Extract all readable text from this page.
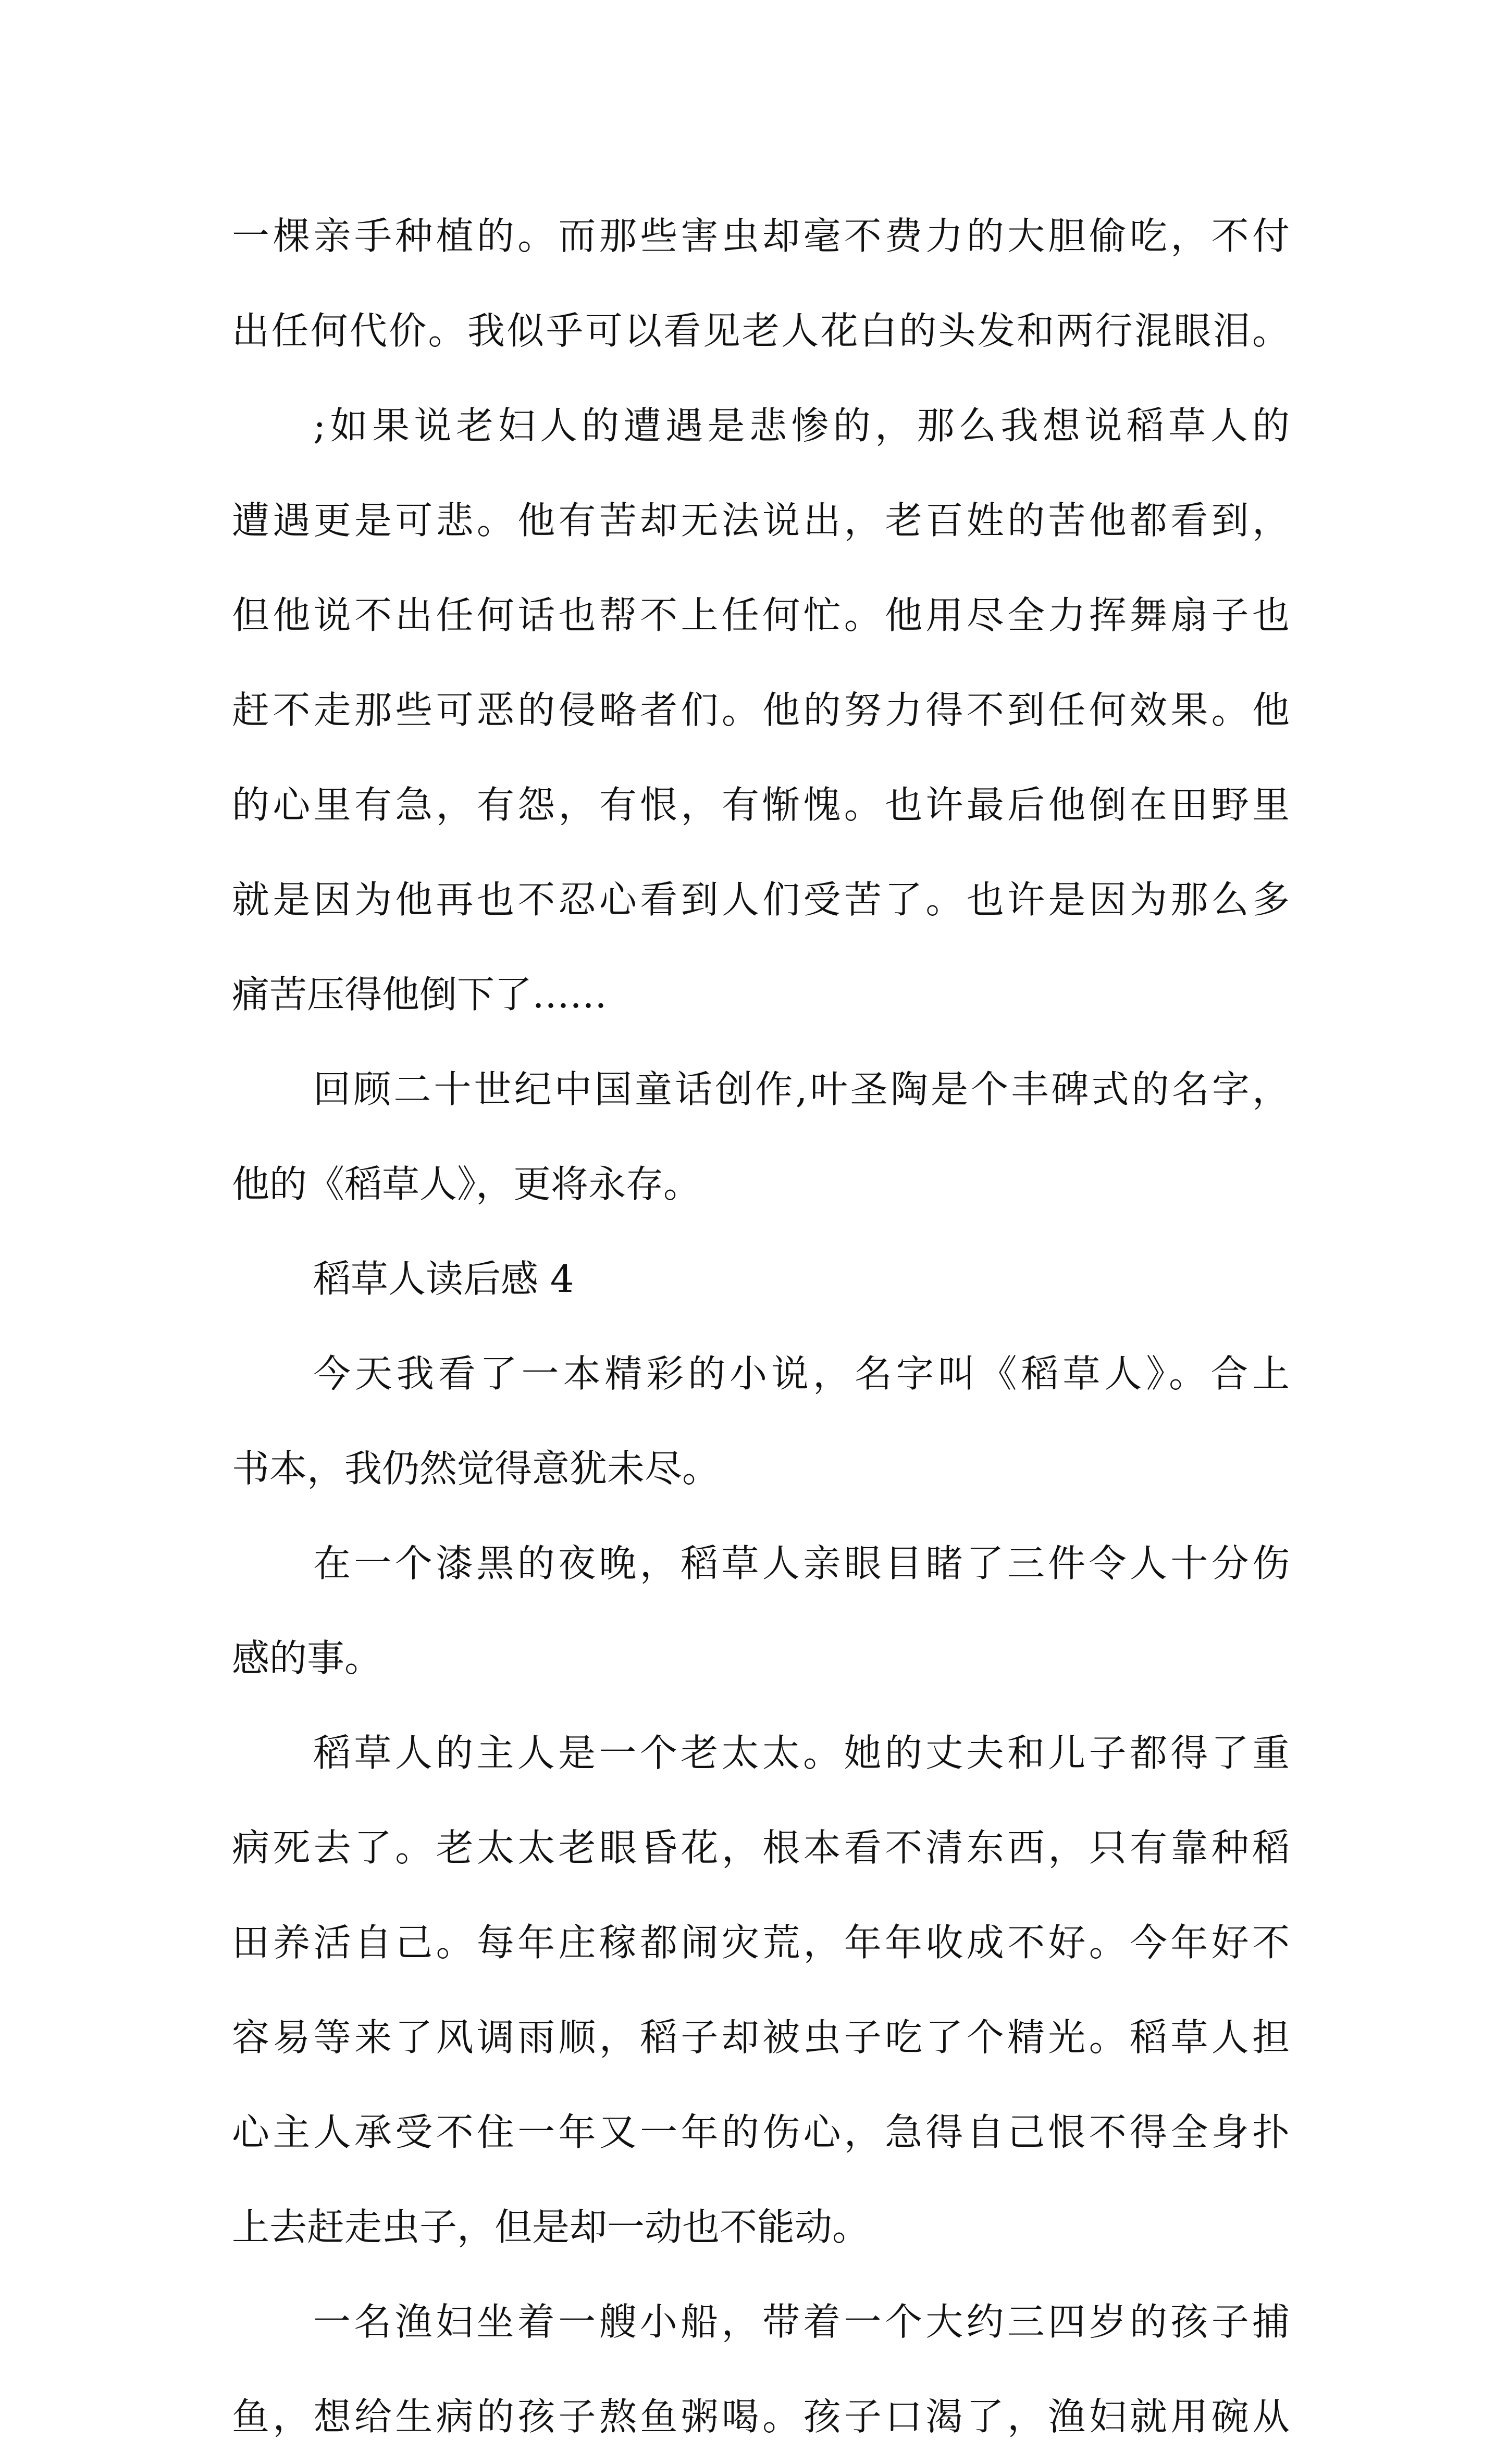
一棵亲手种植的。而那些害虫却毫不费力的大胆偷吃，不付
出任何代价。我似乎可以看见老人花白的头发和两行混眼泪。
;如果说老妇人的遭遇是悲惨的，那么我想说稻草人的
遭遇更是可悲。他有苦却无法说出，老百姓的苦他都看到，
但他说不出任何话也帮不上任何忙。他用尽全力挥舞扇子也
赶不走那些可恶的侵略者们。他的努力得不到任何效果。他
的心里有急，有怨，有恨，有惭愧。也许最后他倒在田野里
就是因为他再也不忍心看到人们受苦了。也许是因为那么多
痛苦压得他倒下了……
回顾二十世纪中国童话创作,叶圣陶是个丰碑式的名字，
他的《稻草人》，更将永存。
稻草人读后感 4
今天我看了一本精彩的小说，名字叫《稻草人》。合上
书本，我仍然觉得意犹未尽。
在一个漆黑的夜晚，稻草人亲眼目睹了三件令人十分伤
感的事。
稻草人的主人是一个老太太。她的丈夫和儿子都得了重
病死去了。老太太老眼昏花，根本看不清东西，只有靠种稻
田养活自己。每年庄稼都闹灾荒，年年收成不好。今年好不
容易等来了风调雨顺，稻子却被虫子吃了个精光。稻草人担
心主人承受不住一年又一年的伤心，急得自己恨不得全身扑
上去赶走虫子，但是却一动也不能动。
一名渔妇坐着一艘小船，带着一个大约三四岁的孩子捕
鱼，想给生病的孩子熬鱼粥喝。孩子口渴了，渔妇就用碗从
